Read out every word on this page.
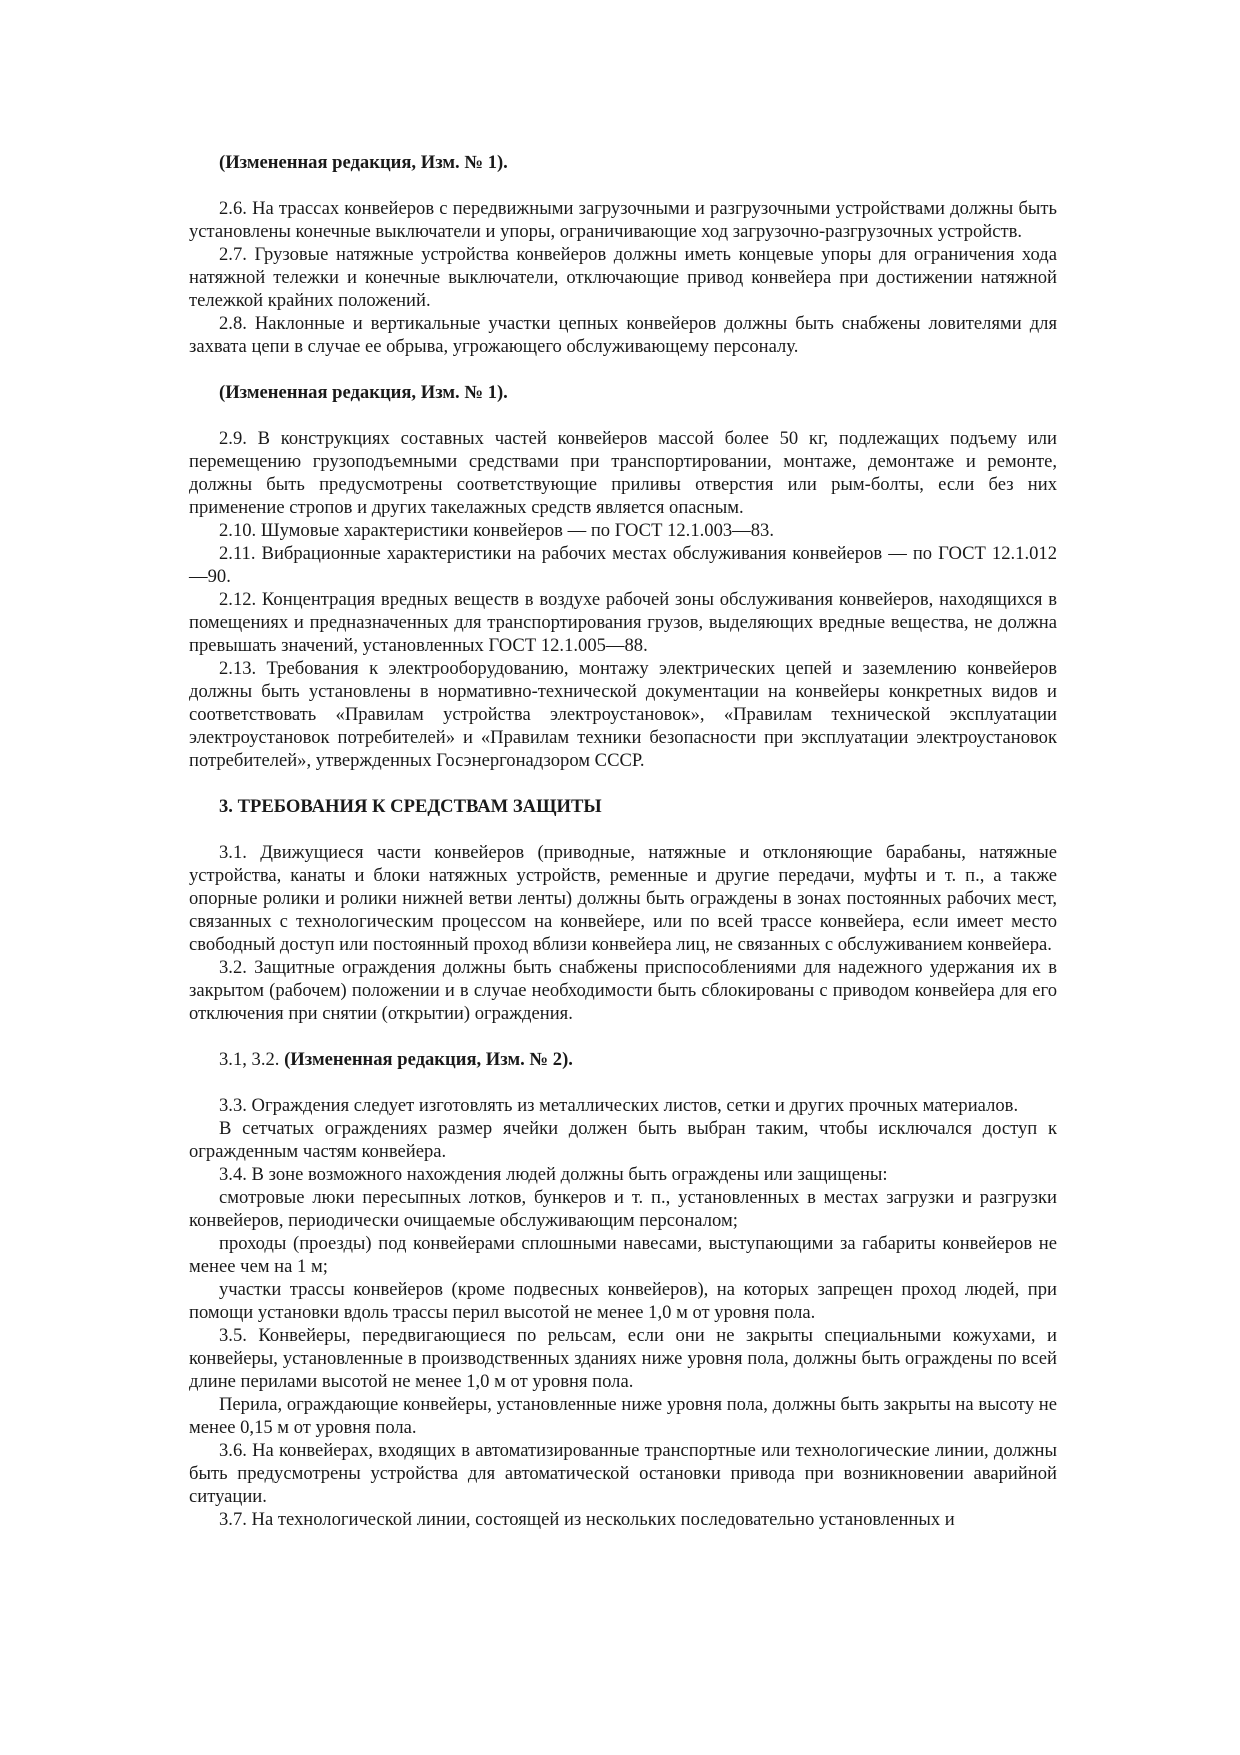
(Измененная редакция, Изм. № 1).

2.6. На трассах конвейеров с передвижными загрузочными и разгрузочными устройствами должны быть установлены конечные выключатели и упоры, ограничивающие ход загрузочно-разгрузочных устройств.

2.7. Грузовые натяжные устройства конвейеров должны иметь концевые упоры для ограничения хода натяжной тележки и конечные выключатели, отключающие привод конвейера при достижении натяжной тележкой крайних положений.

2.8. Наклонные и вертикальные участки цепных конвейеров должны быть снабжены ловителями для захвата цепи в случае ее обрыва, угрожающего обслуживающему персоналу.

(Измененная редакция, Изм. № 1).

2.9. В конструкциях составных частей конвейеров массой более 50 кг, подлежащих подъему или перемещению грузоподъемными средствами при транспортировании, монтаже, демонтаже и ремонте, должны быть предусмотрены соответствующие приливы отверстия или рым-болты, если без них применение стропов и других такелажных средств является опасным.

2.10. Шумовые характеристики конвейеров — по ГОСТ 12.1.003—83.

2.11. Вибрационные характеристики на рабочих местах обслуживания конвейеров — по ГОСТ 12.1.012—90.

2.12. Концентрация вредных веществ в воздухе рабочей зоны обслуживания конвейеров, находящихся в помещениях и предназначенных для транспортирования грузов, выделяющих вредные вещества, не должна превышать значений, установленных ГОСТ 12.1.005—88.

2.13. Требования к электрооборудованию, монтажу электрических цепей и заземлению конвейеров должны быть установлены в нормативно-технической документации на конвейеры конкретных видов и соответствовать «Правилам устройства электроустановок», «Правилам технической эксплуатации электроустановок потребителей» и «Правилам техники безопасности при эксплуатации электроустановок потребителей», утвержденных Госэнергонадзором СССР.

3. ТРЕБОВАНИЯ К СРЕДСТВАМ ЗАЩИТЫ

3.1. Движущиеся части конвейеров (приводные, натяжные и отклоняющие барабаны, натяжные устройства, канаты и блоки натяжных устройств, ременные и другие передачи, муфты и т. п., а также опорные ролики и ролики нижней ветви ленты) должны быть ограждены в зонах постоянных рабочих мест, связанных с технологическим процессом на конвейере, или по всей трассе конвейера, если имеет место свободный доступ или постоянный проход вблизи конвейера лиц, не связанных с обслуживанием конвейера.

3.2. Защитные ограждения должны быть снабжены приспособлениями для надежного удержания их в закрытом (рабочем) положении и в случае необходимости быть сблокированы с приводом конвейера для его отключения при снятии (открытии) ограждения.

3.1, 3.2. (Измененная редакция, Изм. № 2).

3.3. Ограждения следует изготовлять из металлических листов, сетки и других прочных материалов.

В сетчатых ограждениях размер ячейки должен быть выбран таким, чтобы исключался доступ к огражденным частям конвейера.

3.4. В зоне возможного нахождения людей должны быть ограждены или защищены:

смотровые люки пересыпных лотков, бункеров и т. п., установленных в местах загрузки и разгрузки конвейеров, периодически очищаемые обслуживающим персоналом;

проходы (проезды) под конвейерами сплошными навесами, выступающими за габариты конвейеров не менее чем на 1 м;

участки трассы конвейеров (кроме подвесных конвейеров), на которых запрещен проход людей, при помощи установки вдоль трассы перил высотой не менее 1,0 м от уровня пола.

3.5. Конвейеры, передвигающиеся по рельсам, если они не закрыты специальными кожухами, и конвейеры, установленные в производственных зданиях ниже уровня пола, должны быть ограждены по всей длине перилами высотой не менее 1,0 м от уровня пола.

Перила, ограждающие конвейеры, установленные ниже уровня пола, должны быть закрыты на высоту не менее 0,15 м от уровня пола.

3.6. На конвейерах, входящих в автоматизированные транспортные или технологические линии, должны быть предусмотрены устройства для автоматической остановки привода при возникновении аварийной ситуации.

3.7. На технологической линии, состоящей из нескольких последовательно установленных и
